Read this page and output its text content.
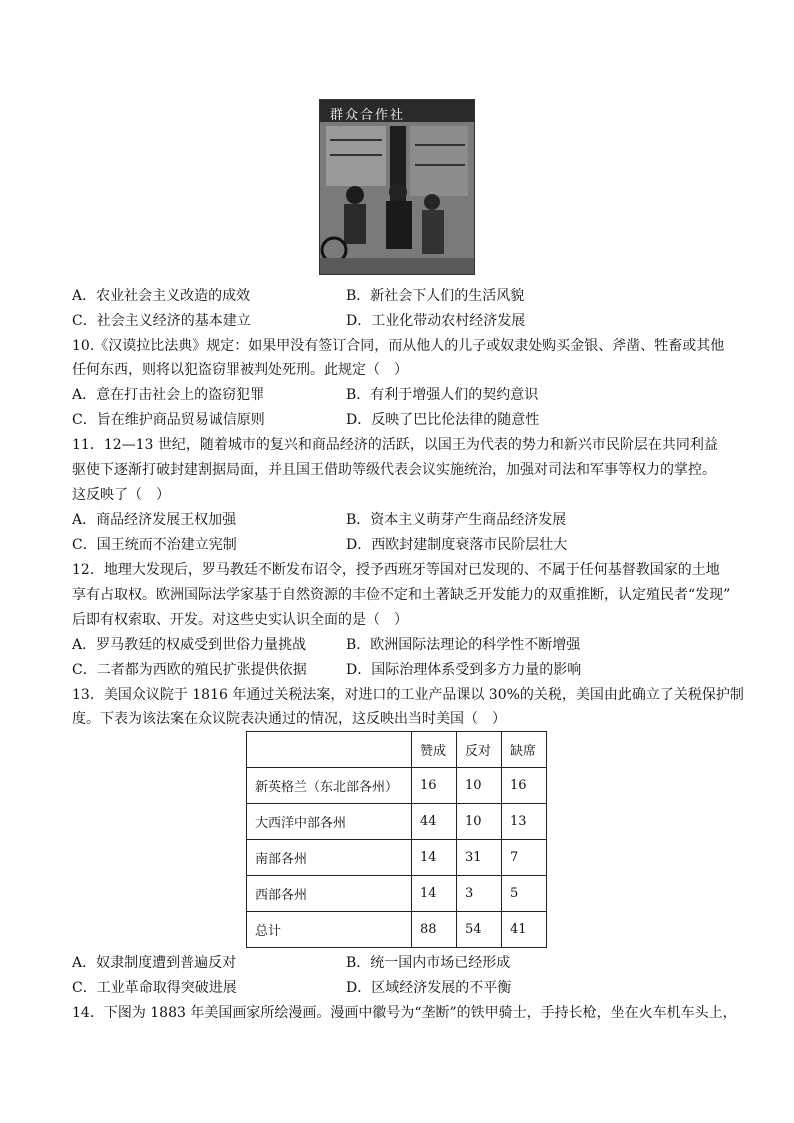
群众合作社
A．农业社会主义改造的成效	B．新社会下人们的生活风貌
C．社会主义经济的基本建立	D．工业化带动农村经济发展
10.《汉谟拉比法典》规定：如果甲没有签订合同，而从他人的儿子或奴隶处购买金银、斧凿、牲畜或其他
任何东西，则将以犯盗窃罪被判处死刑。此规定（　）
A．意在打击社会上的盗窃犯罪	B．有利于增强人们的契约意识
C．旨在维护商品贸易诚信原则	D．反映了巴比伦法律的随意性
11．12—13 世纪，随着城市的复兴和商品经济的活跃，以国王为代表的势力和新兴市民阶层在共同利益
驱使下逐渐打破封建割据局面，并且国王借助等级代表会议实施统治，加强对司法和军事等权力的掌控。
这反映了（　）
A．商品经济发展王权加强	B．资本主义萌芽产生商品经济发展
C．国王统而不治建立宪制	D．西欧封建制度衰落市民阶层壮大
12．地理大发现后，罗马教廷不断发布诏令，授予西班牙等国对已发现的、不属于任何基督教国家的土地
享有占取权。欧洲国际法学家基于自然资源的丰俭不定和土著缺乏开发能力的双重推断，认定殖民者“发现”
后即有权索取、开发。对这些史实认识全面的是（　）
A．罗马教廷的权威受到世俗力量挑战	B．欧洲国际法理论的科学性不断增强
C．二者都为西欧的殖民扩张提供依据	D．国际治理体系受到多方力量的影响
13．美国众议院于 1816 年通过关税法案，对进口的工业产品课以 30%的关税，美国由此确立了关税保护制
度。下表为该法案在众议院表决通过的情况，这反映出当时美国（　）
	赞成	反对	缺席
新英格兰（东北部各州）	16	10	16
大西洋中部各州	44	10	13
南部各州	14	31	7
西部各州	14	3	5
总计	88	54	41
A．奴隶制度遭到普遍反对	B．统一国内市场已经形成
C．工业革命取得突破进展	D．区域经济发展的不平衡
14．下图为 1883 年美国画家所绘漫画。漫画中徽号为“垄断”的铁甲骑士，手持长枪，坐在火车机车头上，
